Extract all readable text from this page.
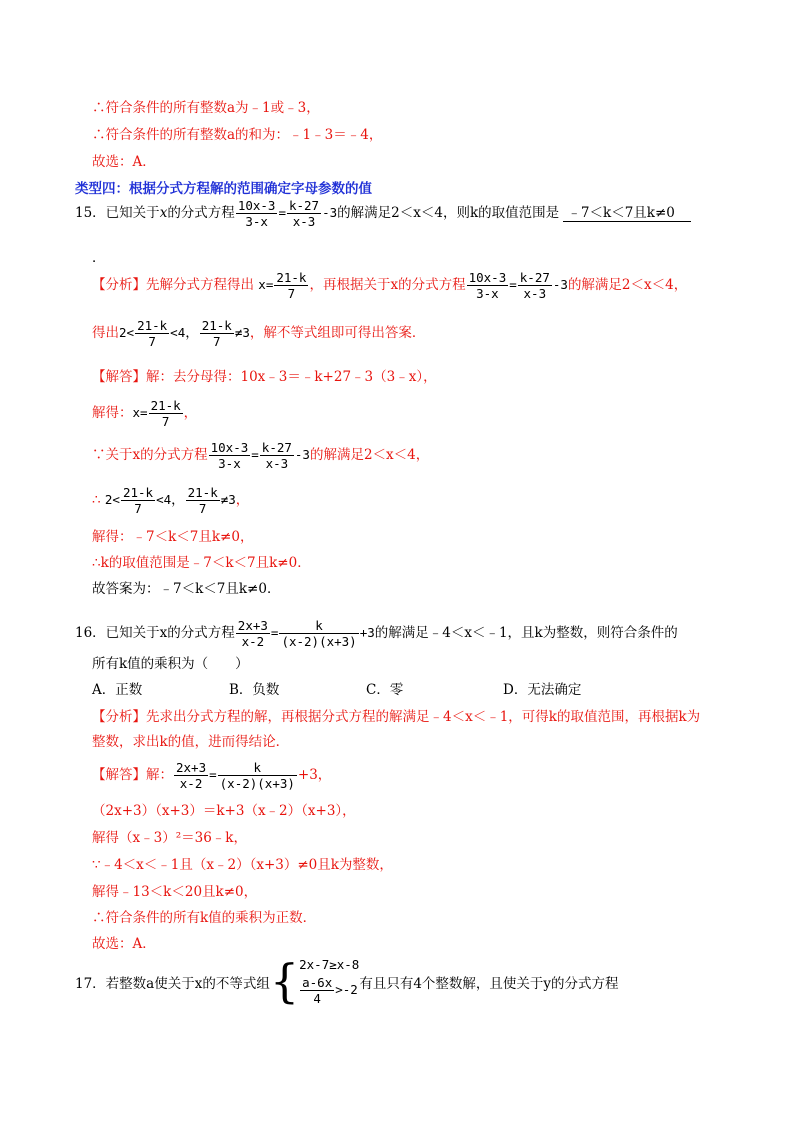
∴符合条件的所有整数a为﹣1或﹣3，
∴符合条件的所有整数a的和为：﹣1﹣3＝﹣4，
故选：A．
类型四：根据分式方程解的范围确定字母参数的值
15．已知关于x的分式方程 $\frac{10x-3}{3-x} = \frac{k-27}{x-3} -3$的解满足2＜x＜4，则k的取值范围是 ﹣7＜k＜7且k≠0
．
【分析】先解分式方程得出 $x= \frac{21-k}{7}$ ，再根据关于x的分式方程 $\frac{10x-3}{3-x} = \frac{k-27}{x-3} -3$的解满足2＜x＜4，
得出$2< \frac{21-k}{7} <4$， $\frac{21-k}{7} \ne 3$，解不等式组即可得出答案．
【解答】解：去分母得：10x﹣3＝﹣k+27﹣3（3﹣x），
解得：$x= \frac{21-k}{7}$ ，
∵关于x的分式方程 $\frac{10x-3}{3-x} = \frac{k-27}{x-3} -3$的解满足2＜x＜4，
∴ $2< \frac{21-k}{7} <4$， $\frac{21-k}{7} \ne 3$，
解得：﹣7＜k＜7且k≠0，
∴k的取值范围是﹣7＜k＜7且k≠0．
故答案为：﹣7＜k＜7且k≠0．
16．已知关于x的分式方程 $\frac{2x+3}{x-2} = \frac{k}{(x-2)(x+3)} +3$的解满足﹣4＜x＜﹣1，且k为整数，则符合条件的
所有k值的乘积为（　　）
A．正数	B．负数	C．零	D．无法确定
【分析】先求出分式方程的解，再根据分式方程的解满足﹣4＜x＜﹣1，可得k的取值范围，再根据k为
整数，求出k的值，进而得结论．
【解答】解： $\frac{2x+3}{x-2} = \frac{k}{(x-2)(x+3)} +3$，
（2x+3）（x+3）＝k+3（x﹣2）（x+3），
解得（x﹣3）²＝36﹣k，
∵﹣4＜x＜﹣1且（x﹣2）（x+3）≠0且k为整数，
解得﹣13＜k＜20且k≠0，
∴符合条件的所有k值的乘积为正数．
故选：A．
17．若整数a使关于x的不等式组{ 2x-7≥x-8
$\frac{a-6x}{4} >-2$ 有且只有4个整数解，且使关于y的分式方程
